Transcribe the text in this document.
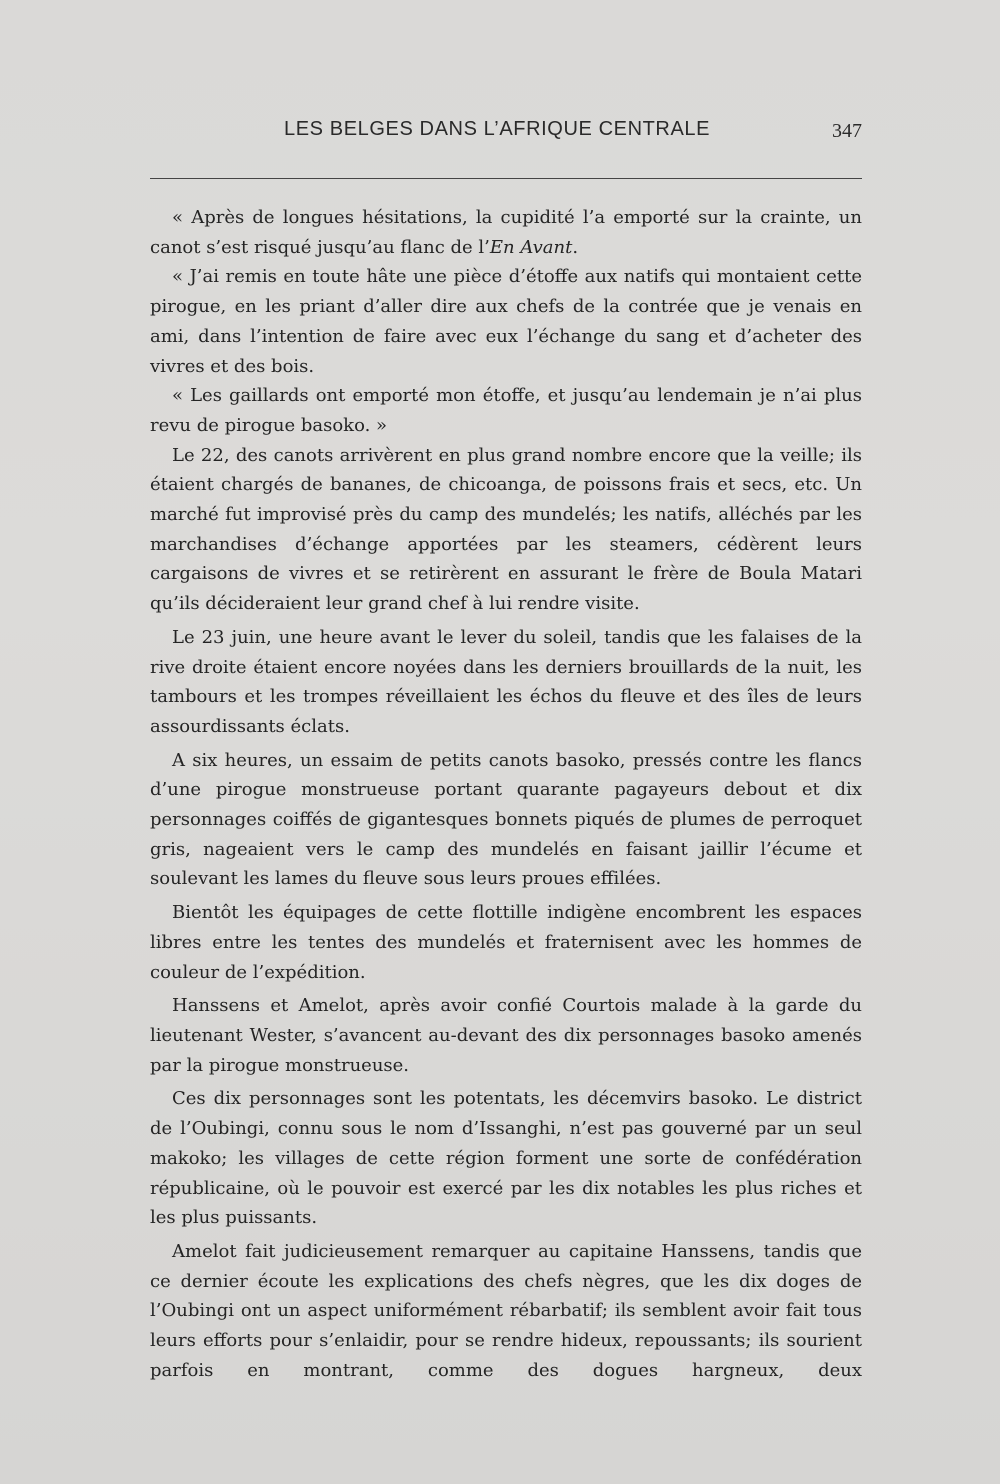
LES BELGES DANS L’AFRIQUE CENTRALE	347

« Après de longues hésitations, la cupidité l’a emporté sur la crainte, un canot s’est risqué jusqu’au flanc de l’En Avant.

« J’ai remis en toute hâte une pièce d’étoffe aux natifs qui montaient cette pirogue, en les priant d’aller dire aux chefs de la contrée que je venais en ami, dans l’intention de faire avec eux l’échange du sang et d’acheter des vivres et des bois.

« Les gaillards ont emporté mon étoffe, et jusqu’au lendemain je n’ai plus revu de pirogue basoko. »

Le 22, des canots arrivèrent en plus grand nombre encore que la veille; ils étaient chargés de bananes, de chicoanga, de poissons frais et secs, etc. Un marché fut improvisé près du camp des mundelés; les natifs, alléchés par les marchandises d’échange apportées par les steamers, cédèrent leurs cargaisons de vivres et se retirèrent en assurant le frère de Boula Matari qu’ils décideraient leur grand chef à lui rendre visite.

Le 23 juin, une heure avant le lever du soleil, tandis que les falaises de la rive droite étaient encore noyées dans les derniers brouillards de la nuit, les tambours et les trompes réveillaient les échos du fleuve et des îles de leurs assourdissants éclats.

A six heures, un essaim de petits canots basoko, pressés contre les flancs d’une pirogue monstrueuse portant quarante pagayeurs debout et dix personnages coiffés de gigantesques bonnets piqués de plumes de perroquet gris, nageaient vers le camp des mundelés en faisant jaillir l’écume et soulevant les lames du fleuve sous leurs proues effilées.

Bientôt les équipages de cette flottille indigène encombrent les espaces libres entre les tentes des mundelés et fraternisent avec les hommes de couleur de l’expédition.

Hanssens et Amelot, après avoir confié Courtois malade à la garde du lieutenant Wester, s’avancent au-devant des dix personnages basoko amenés par la pirogue monstrueuse.

Ces dix personnages sont les potentats, les décemvirs basoko. Le district de l’Oubingi, connu sous le nom d’Issanghi, n’est pas gouverné par un seul makoko; les villages de cette région forment une sorte de confédération républicaine, où le pouvoir est exercé par les dix notables les plus riches et les plus puissants.

Amelot fait judicieusement remarquer au capitaine Hanssens, tandis que ce dernier écoute les explications des chefs nègres, que les dix doges de l’Oubingi ont un aspect uniformément rébarbatif; ils semblent avoir fait tous leurs efforts pour s’enlaidir, pour se rendre hideux, repoussants; ils sourient parfois en montrant, comme des dogues hargneux, deux
